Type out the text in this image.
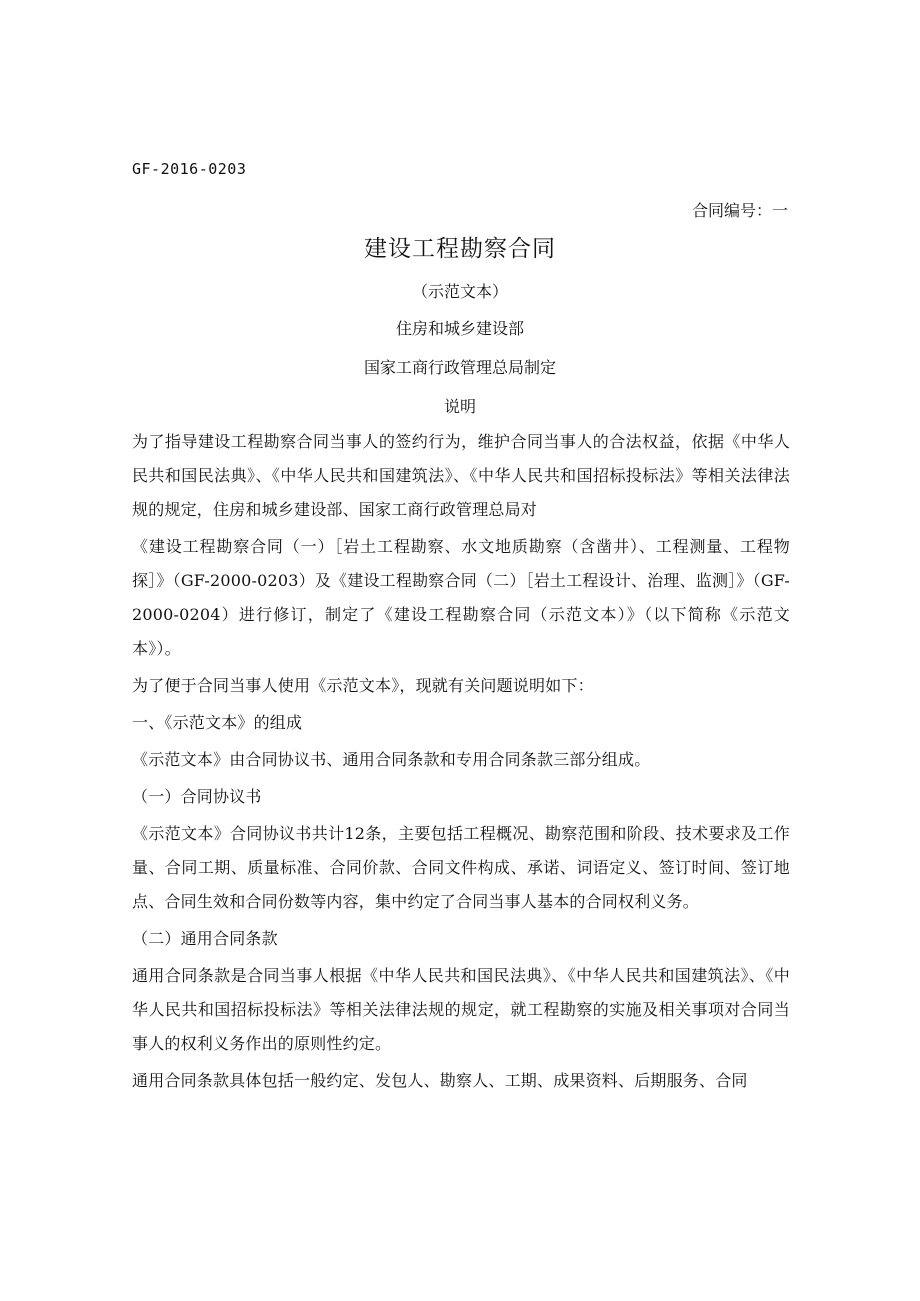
GF-2016-0203
合同编号：一
建设工程勘察合同
（示范文本）
住房和城乡建设部
国家工商行政管理总局制定
说明

为了指导建设工程勘察合同当事人的签约行为，维护合同当事人的合法权益，依据《中华人民共和国民法典》、《中华人民共和国建筑法》、《中华人民共和国招标投标法》等相关法律法规的规定，住房和城乡建设部、国家工商行政管理总局对

《建设工程勘察合同（一）［岩土工程勘察、水文地质勘察（含凿井）、工程测量、工程物探］》（GF-2000-0203）及《建设工程勘察合同（二）［岩土工程设计、治理、监测］》（GF-2000-0204）进行修订，制定了《建设工程勘察合同（示范文本）》（以下简称《示范文本》）。

为了便于合同当事人使用《示范文本》，现就有关问题说明如下：

一、《示范文本》的组成

《示范文本》由合同协议书、通用合同条款和专用合同条款三部分组成。

（一）合同协议书

《示范文本》合同协议书共计12条，主要包括工程概况、勘察范围和阶段、技术要求及工作量、合同工期、质量标准、合同价款、合同文件构成、承诺、词语定义、签订时间、签订地点、合同生效和合同份数等内容，集中约定了合同当事人基本的合同权利义务。

（二）通用合同条款

通用合同条款是合同当事人根据《中华人民共和国民法典》、《中华人民共和国建筑法》、《中华人民共和国招标投标法》等相关法律法规的规定，就工程勘察的实施及相关事项对合同当事人的权利义务作出的原则性约定。

通用合同条款具体包括一般约定、发包人、勘察人、工期、成果资料、后期服务、合同
